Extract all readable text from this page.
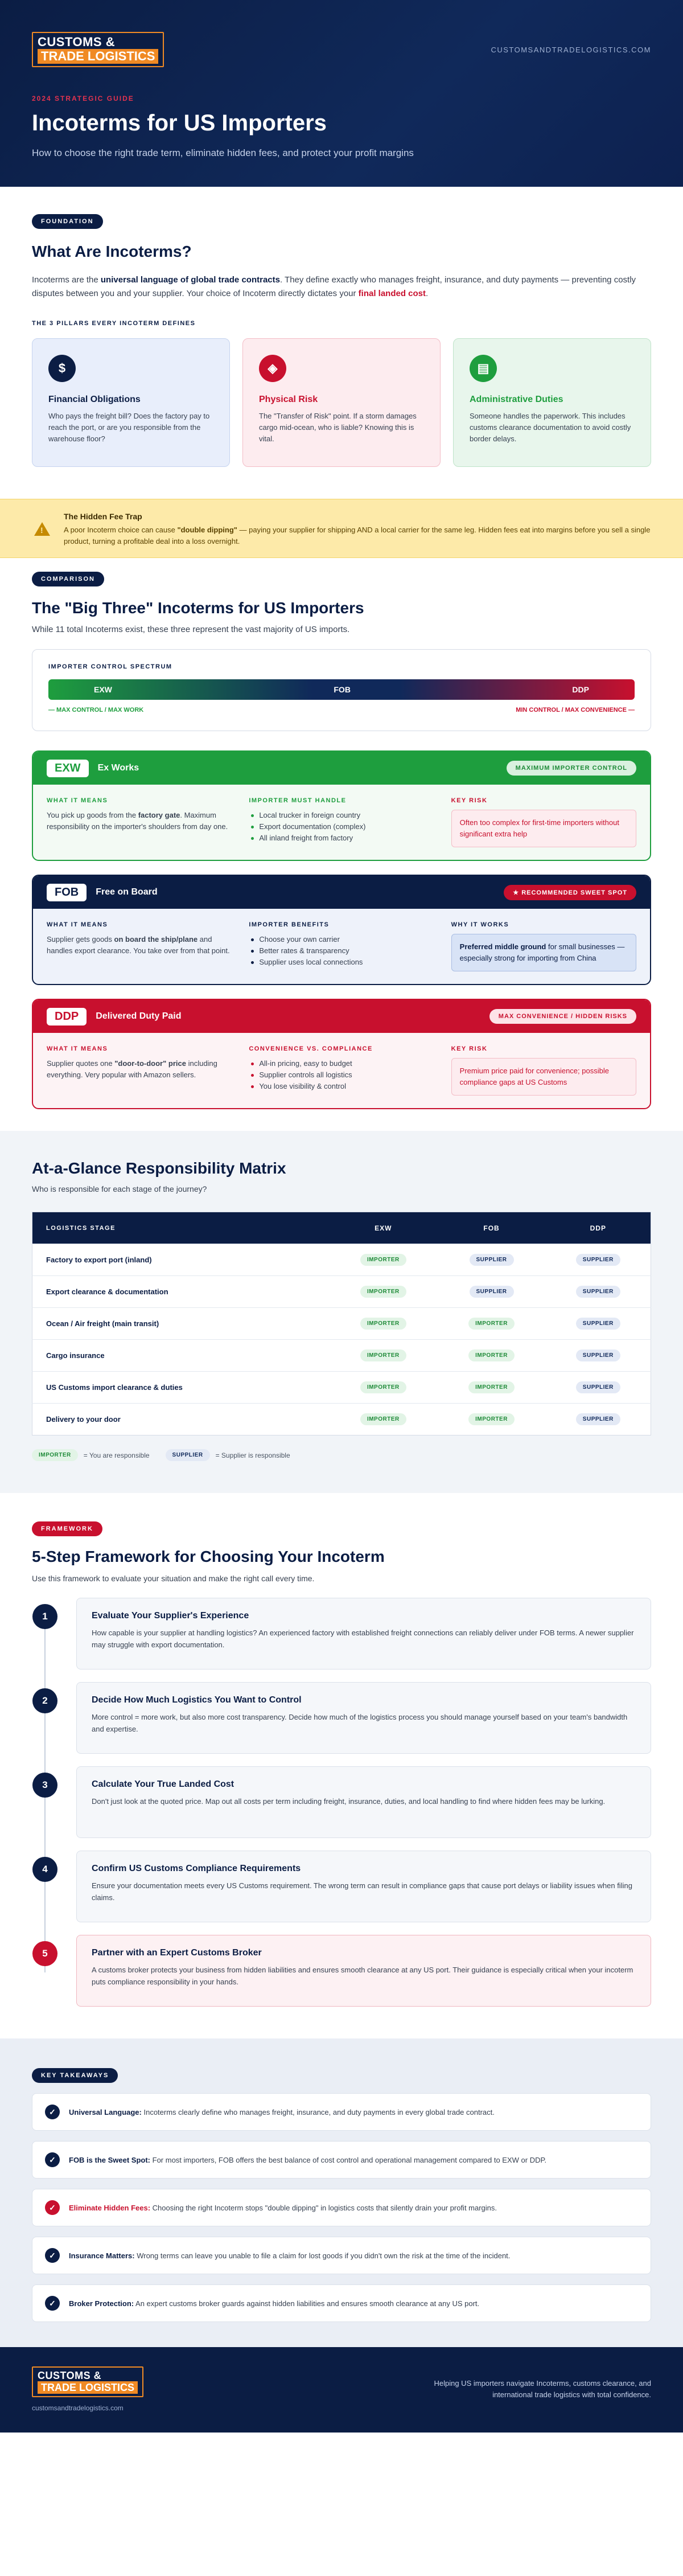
CUSTOMS &
TRADE LOGISTICS	CUSTOMSANDTRADELOGISTICS.COM
2024 STRATEGIC GUIDE
Incoterms for US Importers
How to choose the right trade term, eliminate hidden fees, and protect your profit margins
FOUNDATION
What Are Incoterms?

Incoterms are the universal language of global trade contracts. They define exactly who manages freight, insurance, and duty payments — preventing costly disputes between you and your supplier. Your choice of Incoterm directly dictates your final landed cost.

THE 3 PILLARS EVERY INCOTERM DEFINES
$
Financial Obligations

Who pays the freight bill? Does the factory pay to reach the port, or are you responsible from the warehouse floor?

◈
Physical Risk

The "Transfer of Risk" point. If a storm damages cargo mid-ocean, who is liable? Knowing this is vital.

▤
Administrative Duties

Someone handles the paperwork. This includes customs clearance documentation to avoid costly border delays.

!
The Hidden Fee Trap

A poor Incoterm choice can cause "double dipping" — paying your supplier for shipping AND a local carrier for the same leg. Hidden fees eat into margins before you sell a single product, turning a profitable deal into a loss overnight.

COMPARISON
The "Big Three" Incoterms for US Importers

While 11 total Incoterms exist, these three represent the vast majority of US imports.

IMPORTER CONTROL SPECTRUM
EXW	FOB	DDP
— MAX CONTROL / MAX WORK	MIN CONTROL / MAX CONVENIENCE —
EXW	Ex Works	MAXIMUM IMPORTER CONTROL
WHAT IT MEANS

You pick up goods from the factory gate. Maximum responsibility on the importer's shoulders from day one.

IMPORTER MUST HANDLE
Local trucker in foreign country
Export documentation (complex)
All inland freight from factory
KEY RISK
Often too complex for first-time importers without significant extra help
FOB	Free on Board	★ RECOMMENDED SWEET SPOT
WHAT IT MEANS

Supplier gets goods on board the ship/plane and handles export clearance. You take over from that point.

IMPORTER BENEFITS
Choose your own carrier
Better rates & transparency
Supplier uses local connections
WHY IT WORKS
Preferred middle ground for small businesses — especially strong for importing from China
DDP	Delivered Duty Paid	MAX CONVENIENCE / HIDDEN RISKS
WHAT IT MEANS

Supplier quotes one "door-to-door" price including everything. Very popular with Amazon sellers.

CONVENIENCE VS. COMPLIANCE
All-in pricing, easy to budget
Supplier controls all logistics
You lose visibility & control
KEY RISK
Premium price paid for convenience; possible compliance gaps at US Customs
At-a-Glance Responsibility Matrix

Who is responsible for each stage of the journey?

LOGISTICS STAGE	EXW	FOB	DDP
Factory to export port (inland)	IMPORTER	SUPPLIER	SUPPLIER
Export clearance & documentation	IMPORTER	SUPPLIER	SUPPLIER
Ocean / Air freight (main transit)	IMPORTER	IMPORTER	SUPPLIER
Cargo insurance	IMPORTER	IMPORTER	SUPPLIER
US Customs import clearance & duties	IMPORTER	IMPORTER	SUPPLIER
Delivery to your door	IMPORTER	IMPORTER	SUPPLIER
IMPORTER	= You are responsible	SUPPLIER	= Supplier is responsible
FRAMEWORK
5-Step Framework for Choosing Your Incoterm

Use this framework to evaluate your situation and make the right call every time.

1	Evaluate Your Supplier's Experience

How capable is your supplier at handling logistics? An experienced factory with established freight connections can reliably deliver under FOB terms. A newer supplier may struggle with export documentation.

2	Decide How Much Logistics You Want to Control

More control = more work, but also more cost transparency. Decide how much of the logistics process you should manage yourself based on your team's bandwidth and expertise.

3	Calculate Your True Landed Cost

Don't just look at the quoted price. Map out all costs per term including freight, insurance, duties, and local handling to find where hidden fees may be lurking.

4	Confirm US Customs Compliance Requirements

Ensure your documentation meets every US Customs requirement. The wrong term can result in compliance gaps that cause port delays or liability issues when filing claims.

5	Partner with an Expert Customs Broker

A customs broker protects your business from hidden liabilities and ensures smooth clearance at any US port. Their guidance is especially critical when your incoterm puts compliance responsibility in your hands.

KEY TAKEAWAYS
✓	Universal Language: Incoterms clearly define who manages freight, insurance, and duty payments in every global trade contract.
✓	FOB is the Sweet Spot: For most importers, FOB offers the best balance of cost control and operational management compared to EXW or DDP.
✓	Eliminate Hidden Fees: Choosing the right Incoterm stops "double dipping" in logistics costs that silently drain your profit margins.
✓	Insurance Matters: Wrong terms can leave you unable to file a claim for lost goods if you didn't own the risk at the time of the incident.
✓	Broker Protection: An expert customs broker guards against hidden liabilities and ensures smooth clearance at any US port.
CUSTOMS &
TRADE LOGISTICS
customsandtradelogistics.com
Helping US importers navigate Incoterms, customs clearance, and international trade logistics with total confidence.
